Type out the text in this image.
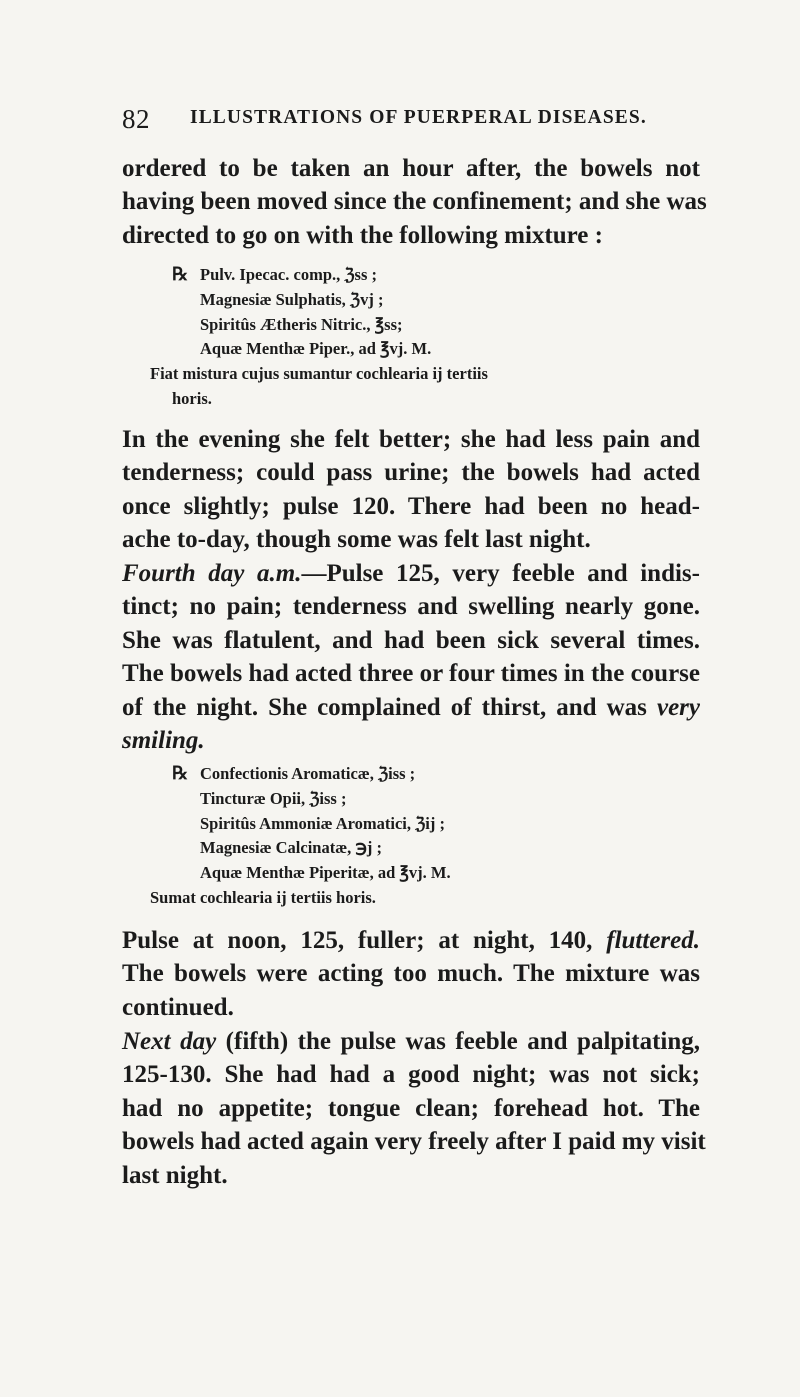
82 ILLUSTRATIONS OF PUERPERAL DISEASES.
ordered to be taken an hour after, the bowels not
having been moved since the confinement; and she was
directed to go on with the following mixture :
℞ Pulv. Ipecac. comp., ℨss ;
Magnesiæ Sulphatis, ℨvj ;
Spiritûs Ætheris Nitric., ℥ss;
Aquæ Menthæ Piper., ad ℥vj. M.
Fiat mistura cujus sumantur cochlearia ij tertiis
horis.
In the evening she felt better; she had less pain and
tenderness; could pass urine; the bowels had acted
once slightly; pulse 120. There had been no head-
ache to-day, though some was felt last night.
Fourth day a.m.—Pulse 125, very feeble and indis-
tinct; no pain; tenderness and swelling nearly gone.
She was flatulent, and had been sick several times.
The bowels had acted three or four times in the course
of the night. She complained of thirst, and was very
smiling.
℞ Confectionis Aromaticæ, ℨiss ;
Tincturæ Opii, ℨiss ;
Spiritûs Ammoniæ Aromatici, ℨij ;
Magnesiæ Calcinatæ, ℈j ;
Aquæ Menthæ Piperitæ, ad ℥vj. M.
Sumat cochlearia ij tertiis horis.
Pulse at noon, 125, fuller; at night, 140, fluttered.
The bowels were acting too much. The mixture was
continued.
Next day (fifth) the pulse was feeble and palpitating,
125-130. She had had a good night; was not sick;
had no appetite; tongue clean; forehead hot. The
bowels had acted again very freely after I paid my visit
last night.
